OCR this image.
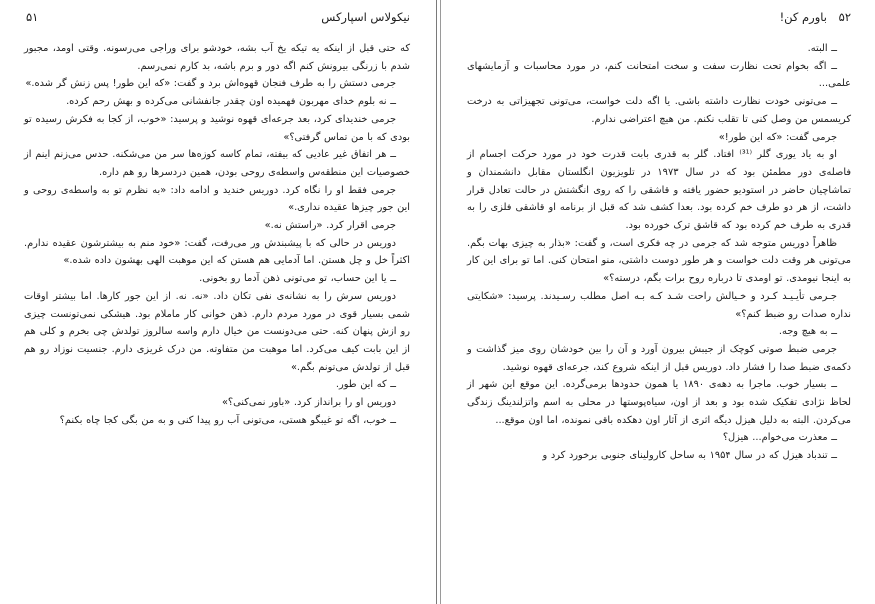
نیکولاس اسپارکس
۵۱

که حتی قبل از اینکه یه تیکه یخ آب بشه، خودشو برای وراجی می‌رسونه. وقتی اومد، مجبور شدم با زرنگی بیرونش کنم اگه دور و برم باشه، بد کارم نمی‌رسم.

جرمی دستش را به طرف فنجان قهوه‌اش برد و گفت: «که این طور! پس زنش گر شده.»

ــ نه بلوم خدای مهربون فهمیده اون چقدر جانفشانی می‌کرده و بهش رحم کرده.

جرمی خندیدای کرد، بعد جرعه‌ای قهوه نوشید و پرسید: «خوب، از کجا به فکرش رسیده تو بودی که با من تماس گرفتی؟»

ــ هر اتفاق غیر عادیی که بیفته، تمام کاسه کوزه‌ها سر من می‌شکنه. حدس می‌زنم اینم از خصوصیات این منطقه‌س واسطه‌ی روحی بودن، همین درد‌سرها رو هم داره.

جرمی فقط او را نگاه کرد. دوریس خندید و ادامه داد: «به نظرم تو به واسطه‌ی روحی و این جور چیزها عقیده نداری.»

جرمی اقرار کرد. «راستش نه.»

دوریس در حالی که با پیشبندش ور می‌رفت، گفت: «خود منم به بیشترشون عقیده ندارم. اکثراً خل و چل هستن. اما آدمایی هم هستن که این موهبت الهی بهشون داده شده.»

ــ یا این حساب، تو می‌تونی ذهن آدما رو بخونی.

دوریس سرش را به نشانه‌ی نفی تکان داد. «نه. نه. از این جور کارها. اما بیشتر اوقات شمی بسیار قوی در مورد مردم دارم. ذهن خوانی کار ماملام بود. هیشکی نمی‌تونست چیزی رو ازش پنهان کنه. حتی می‌دونست من خیال دارم واسه سالروز تولدش چی بخرم و کلی هم از این بابت کیف می‌کرد. اما موهبت من متفاوته. من درک غریزی دارم. جنسیت نوزاد رو هم قبل از تولدش می‌تونم بگم.»

ــ که این طور.

دوریس او را برانداز کرد. «باور نمی‌کنی؟»

ــ خوب، اگه تو غیبگو هستی، می‌تونی آب رو پیدا کنی و به من بگی کجا چاه بکنم؟

۵۲
باورم کن!

ــ البته.

ــ اگه بخوام تحت نظارت سفت و سخت امتحانت کنم، در مورد محاسبات و آزمایشهای علمی...

ــ می‌تونی خودت نظارت داشته باشی. یا اگه دلت خواست، می‌تونی تجهیزاتی به درخت کریسمس من وصل کنی تا تقلب نکنم. من هیچ اعتراضی ندارم.

جرمی گفت: «که این طور!»

او به یاد یوری گلر ⁽³¹⁾ افتاد. گلر به قدری بابت قدرت خود در مورد حرکت اجسام از فاصله‌ی دور مطمئن بود که در سال ۱۹۷۳ در تلویزیون انگلستان مقابل دانشمندان و تماشاچیان حاضر در استودیو حضور یافته و قاشقی را که روی انگشتش در حالت تعادل قرار داشت، از هر دو طرف خم کرده بود. بعدا کشف شد که قبل از برنامه او قاشقی فلزی را به قدری به طرف خم کرده بود که قاشق ترک خورده بود.

ظاهراً دوریس متوجه شد که جرمی در چه فکری است، و گفت: «بذار به چیزی بهات بگم. می‌تونی هر وقت دلت خواست و هر طور دوست داشتی، منو امتحان کنی. اما تو برای این کار به اینجا نیومدی. تو اومدی تا درباره روح برات بگم، درسته؟»

جـرمی تأیـیـد کـرد و خـیالش راحت شـد کـه بـه اصل مطلب رسـیدند. پرسید: «شکایتی نداره صدات رو ضبط کنم؟»

ــ به هیچ وجه.

جرمی ضبط صوتی کوچک از جیبش بیرون آورد و آن را بین خودشان روی میز گذاشت و دکمه‌ی ضبط صدا را فشار داد. دوریس قبل از اینکه شروع کند، جرعه‌ای قهوه نوشید.

ــ بسیار خوب. ماجرا به دهه‌ی ۱۸۹۰ یا همون حدودها برمی‌گرده. این موقع این شهر از لحاظ نژادی تفکیک شده بود و بعد از اون، سیاه‌پوستها در محلی به اسم واتزلندینگ زندگی می‌کردن. البته به دلیل هیزل دیگه اثری از آثار اون دهکده باقی نمونده، اما اون موقع...

ــ معذرت می‌خوام... هیزل؟

ــ تندباد هیزل که در سال ۱۹۵۴ به ساحل کارولینای جنوبی برخورد کرد و
